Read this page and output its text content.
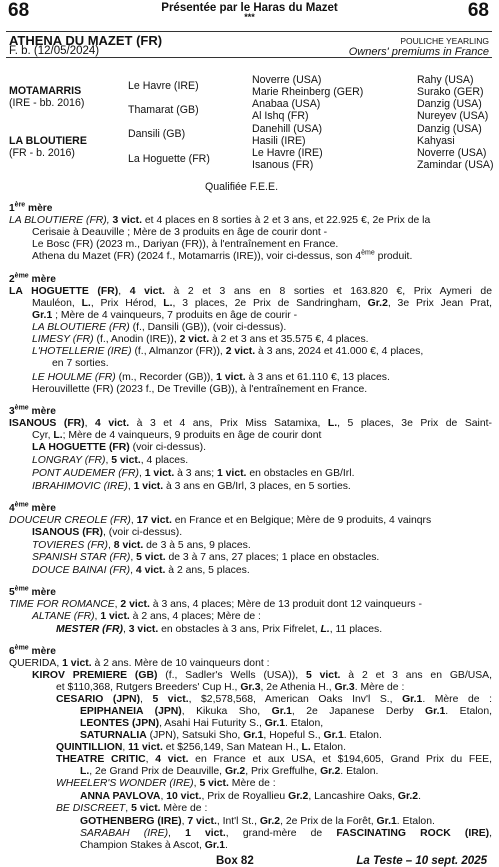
68	68
Présentée par le Haras du Mazet
***
ATHENA DU MAZET (FR)
F. b. (12/05/2024)
POULICHE YEARLING
Owners' premiums in France
MOTAMARRIS
(IRE - bb. 2016)
LA BLOUTIERE
(FR - b. 2016)
Le Havre (IRE)
Thamarat (GB)
Dansili (GB)
La Hoguette (FR)
Noverre (USA)
Marie Rheinberg (GER)
Anabaa (USA)
Al Ishq (FR)
Danehill (USA)
Hasili (IRE)
Le Havre (IRE)
Isanous (FR)
Rahy (USA)
Surako (GER)
Danzig (USA)
Nureyev (USA)
Danzig (USA)
Kahyasi
Noverre (USA)
Zamindar (USA)
Qualifiée F.E.E.
1ère mère
LA BLOUTIERE (FR), 3 vict. et 4 places en 8 sorties à 2 et 3 ans, et 22.925 €, 2e Prix de la
Cerisaie à Deauville ; Mère de 3 produits en âge de courir dont -
Le Bosc (FR) (2023 m., Dariyan (FR)), à l'entraînement en France.
Athena du Mazet (FR) (2024 f., Motamarris (IRE)), voir ci-dessus, son 4ème produit.
2ème mère
LA HOGUETTE (FR), 4 vict. à 2 et 3 ans en 8 sorties et 163.820 €, Prix Aymeri de
Mauléon, L., Prix Hérod, L., 3 places, 2e Prix de Sandringham, Gr.2, 3e Prix Jean Prat,
Gr.1 ; Mère de 4 vainqueurs, 7 produits en âge de courir -
LA BLOUTIERE (FR) (f., Dansili (GB)), (voir ci-dessus).
LIMESY (FR) (f., Anodin (IRE)), 2 vict. à 2 et 3 ans et 35.575 €, 4 places.
L'HOTELLERIE (IRE) (f., Almanzor (FR)), 2 vict. à 3 ans, 2024 et 41.000 €, 4 places,
en 7 sorties.
LE HOULME (FR) (m., Recorder (GB)), 1 vict. à 3 ans et 61.110 €, 13 places.
Herouvillette (FR) (2023 f., De Treville (GB)), à l'entraînement en France.
3ème mère
ISANOUS (FR), 4 vict. à 3 et 4 ans, Prix Miss Satamixa, L., 5 places, 3e Prix de Saint-
Cyr, L.; Mère de 4 vainqueurs, 9 produits en âge de courir dont
LA HOGUETTE (FR) (voir ci-dessus).
LONGRAY (FR), 5 vict., 4 places.
PONT AUDEMER (FR), 1 vict. à 3 ans; 1 vict. en obstacles en GB/Irl.
IBRAHIMOVIC (IRE), 1 vict. à 3 ans en GB/Irl, 3 places, en 5 sorties.
4ème mère
DOUCEUR CREOLE (FR), 17 vict. en France et en Belgique; Mère de 9 produits, 4 vainqrs
ISANOUS (FR), (voir ci-dessus).
TOVIERES (FR), 8 vict. de 3 à 5 ans, 9 places.
SPANISH STAR (FR), 5 vict. de 3 à 7 ans, 27 places; 1 place en obstacles.
DOUCE BAINAI (FR), 4 vict. à 2 ans, 5 places.
5ème mère
TIME FOR ROMANCE, 2 vict. à 3 ans, 4 places; Mère de 13 produit dont 12 vainqueurs -
ALTANE (FR), 1 vict. à 2 ans, 4 places; Mère de :
MESTER (FR), 3 vict. en obstacles à 3 ans, Prix Fifrelet, L., 11 places.
6ème mère
QUERIDA, 1 vict. à 2 ans. Mère de 10 vainqueurs dont :
KIROV PREMIERE (GB) (f., Sadler's Wells (USA)), 5 vict. à 2 et 3 ans en GB/USA,
et $110,368, Rutgers Breeders' Cup H., Gr.3, 2e Athenia H., Gr.3. Mère de :
CESARIO (JPN), 5 vict., $2,578,568, American Oaks Inv'l S., Gr.1. Mère de :
EPIPHANEIA (JPN), Kikuka Sho, Gr.1, 2e Japanese Derby Gr.1. Etalon,
LEONTES (JPN), Asahi Hai Futurity S., Gr.1. Etalon,
SATURNALIA (JPN), Satsuki Sho, Gr.1, Hopeful S., Gr.1. Etalon.
QUINTILLION, 11 vict. et $256,149, San Matean H., L. Etalon.
THEATRE CRITIC, 4 vict. en France et aux USA, et $194,605, Grand Prix du FEE,
L., 2e Grand Prix de Deauville, Gr.2, Prix Greffulhe, Gr.2. Etalon.
WHEELER'S WONDER (IRE), 5 vict. Mère de :
ANNA PAVLOVA, 10 vict., Prix de Royallieu Gr.2, Lancashire Oaks, Gr.2.
BE DISCREET, 5 vict. Mère de :
GOTHENBERG (IRE), 7 vict., Int'l St., Gr.2, 2e Prix de la Forêt, Gr.1. Etalon.
SARABAH (IRE), 1 vict., grand-mère de FASCINATING ROCK (IRE),
Champion Stakes à Ascot, Gr.1.
Box 82	La Teste – 10 sept. 2025
